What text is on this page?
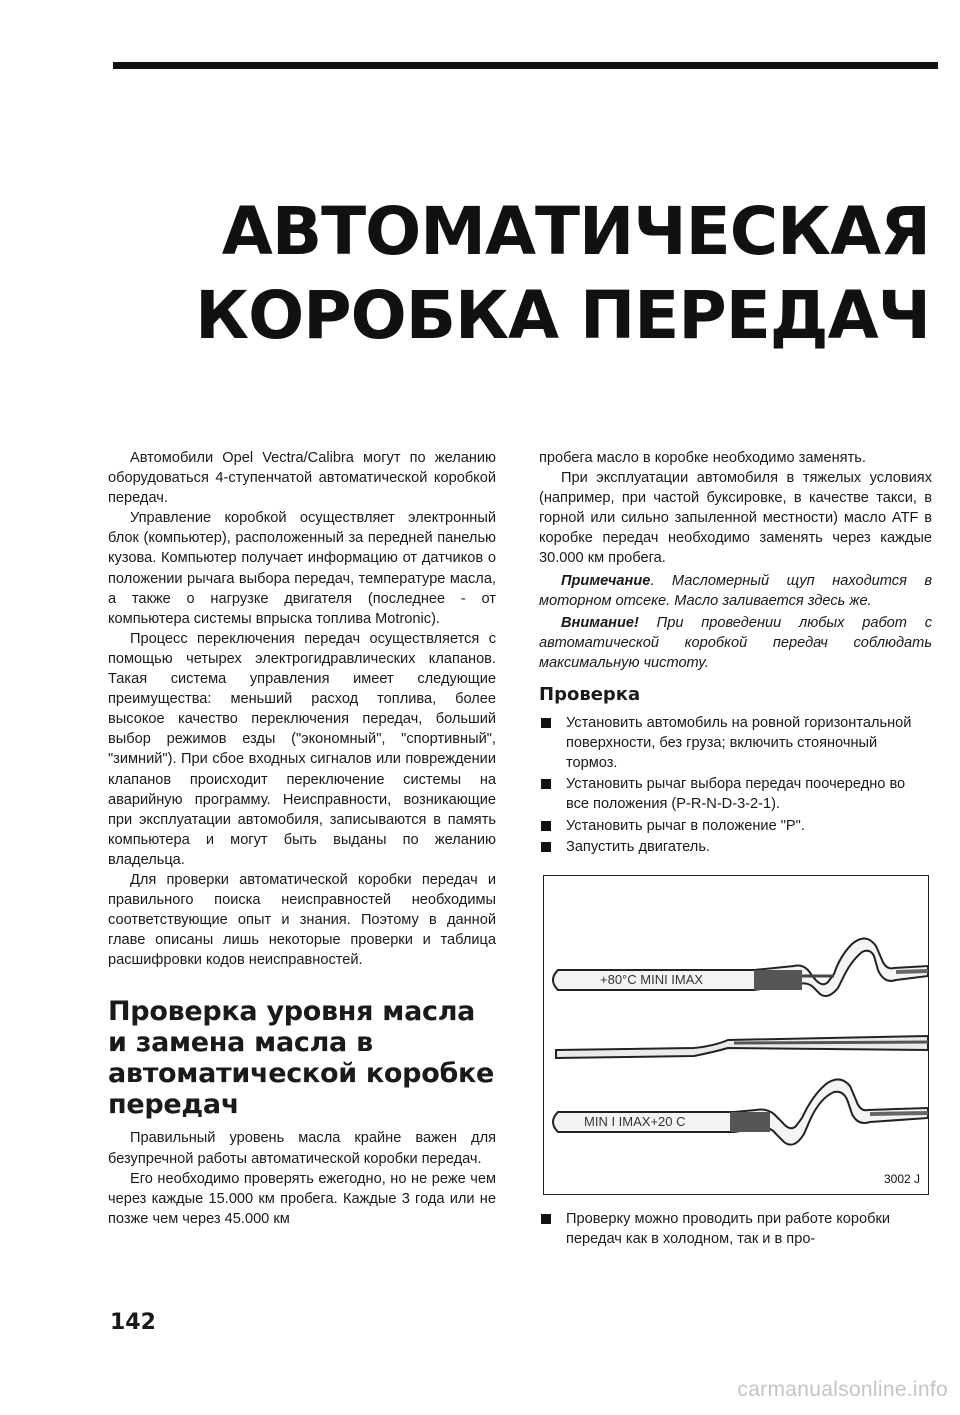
АВТОМАТИЧЕСКАЯ
КОРОБКА ПЕРЕДАЧ

Автомобили Opel Vectra/Calibra могут по желанию оборудоваться 4-ступенчатой автоматической коробкой передач.

Управление коробкой осуществляет электронный блок (компьютер), расположенный за передней панелью кузова. Компьютер получает информацию от датчиков о положении рычага выбора передач, температуре масла, а также о нагрузке двигателя (последнее - от компьютера системы впрыска топлива Motronic).

Процесс переключения передач осуществляется с помощью четырех электрогидравлических клапанов. Такая система управления имеет следующие преимущества: меньший расход топлива, более высокое качество переключения передач, больший выбор режимов езды ("экономный", "спортивный", "зимний"). При сбое входных сигналов или повреждении клапанов происходит переключение системы на аварийную программу. Неисправности, возникающие при эксплуатации автомобиля, записываются в память компьютера и могут быть выданы по желанию владельца.

Для проверки автоматической коробки передач и правильного поиска неисправностей необходимы соответствующие опыт и знания. Поэтому в данной главе описаны лишь некоторые проверки и таблица расшифровки кодов неисправностей.

Проверка уровня масла и замена масла в автоматической коробке передач

Правильный уровень масла крайне важен для безупречной работы автоматической коробки передач.

Его необходимо проверять ежегодно, но не реже чем через каждые 15.000 км пробега. Каждые 3 года или не позже чем через 45.000 км

пробега масло в коробке необходимо заменять.

При эксплуатации автомобиля в тяжелых условиях (например, при частой буксировке, в качестве такси, в горной или сильно запыленной местности) масло ATF в коробке передач необходимо заменять через каждые 30.000 км пробега.

Примечание. Масломерный щуп находится в моторном отсеке. Масло заливается здесь же.

Внимание! При проведении любых работ с автоматической коробкой передач соблюдать максимальную чистоту.

Проверка
Установить автомобиль на ровной горизонтальной поверхности, без груза; включить стояночный тормоз.
Установить рычаг выбора передач поочередно во все положения (P-R-N-D-3-2-1).
Установить рычаг в положение "P".
Запустить двигатель.
+80°C MINI IMAX
MIN I IMAX+20 C
3002 J
Проверку можно проводить при работе коробки передач как в холодном, так и в про-
142
carmanualsonline.info
